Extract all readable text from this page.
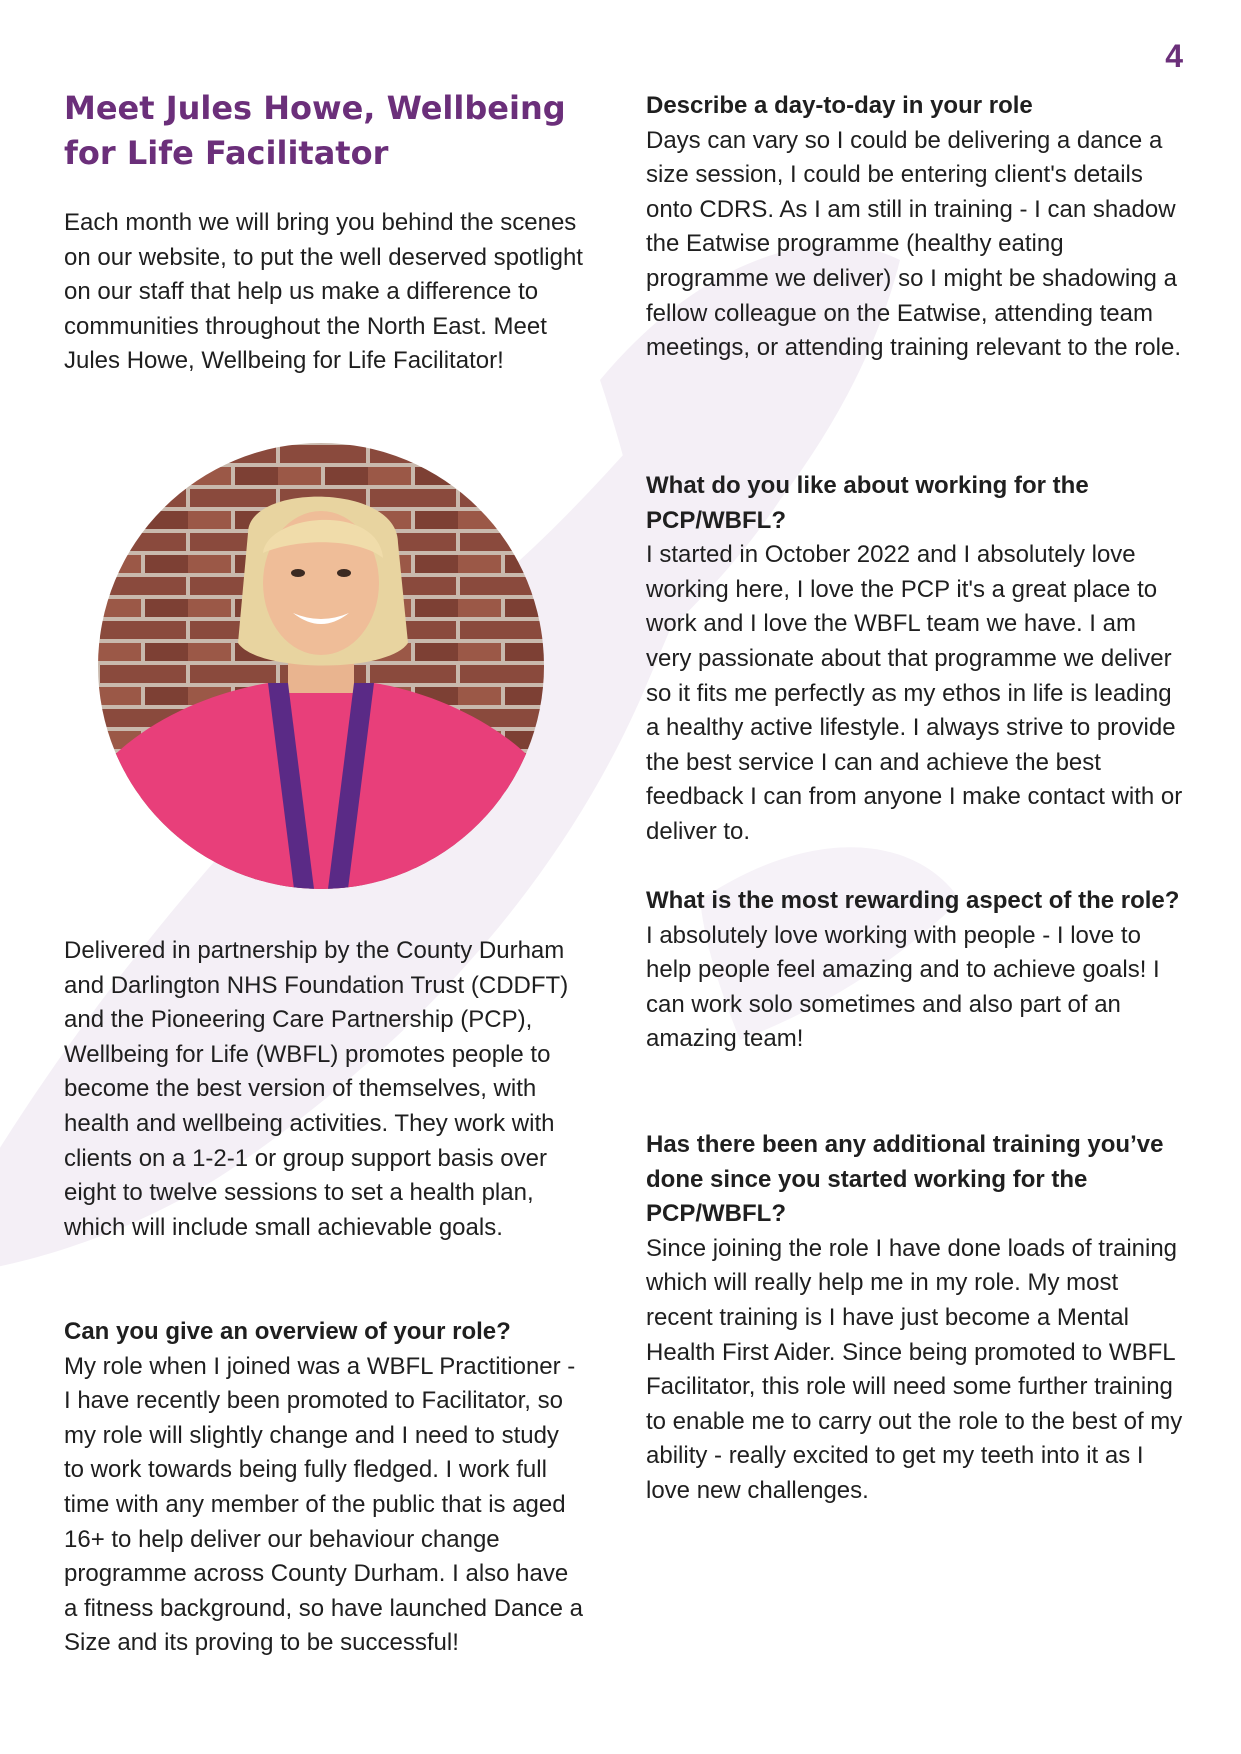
4
Meet Jules Howe, Wellbeing for Life Facilitator

Each month we will bring you behind the scenes on our website, to put the well deserved spotlight on our staff that help us make a difference to communities throughout the North East. Meet Jules Howe, Wellbeing for Life Facilitator!

Delivered in partnership by the County Durham and Darlington NHS Foundation Trust (CDDFT) and the Pioneering Care Partnership (PCP), Wellbeing for Life (WBFL) promotes people to become the best version of themselves, with health and wellbeing activities. They work with clients on a 1-2-1 or group support basis over eight to twelve sessions to set a health plan, which will include small achievable goals.

Can you give an overview of your role?

My role when I joined was a WBFL Practitioner - I have recently been promoted to Facilitator, so my role will slightly change and I need to study to work towards being fully fledged. I work full time with any member of the public that is aged 16+ to help deliver our behaviour change programme across County Durham. I also have a fitness background, so have launched Dance a Size and its proving to be successful!

Describe a day-to-day in your role

Days can vary so I could be delivering a dance a size session, I could be entering client's details onto CDRS. As I am still in training - I can shadow the Eatwise programme (healthy eating programme we deliver) so I might be shadowing a fellow colleague on the Eatwise, attending team meetings, or attending training relevant to the role.

What do you like about working for the PCP/WBFL?

I started in October 2022 and I absolutely love working here, I love the PCP it's a great place to work and I love the WBFL team we have. I am very passionate about that programme we deliver so it fits me perfectly as my ethos in life is leading a healthy active lifestyle. I always strive to provide the best service I can and achieve the best feedback I can from anyone I make contact with or deliver to.

What is the most rewarding aspect of the role?

I absolutely love working with people - I love to help people feel amazing and to achieve goals! I can work solo sometimes and also part of an amazing team!

Has there been any additional training you’ve done since you started working for the PCP/WBFL?

Since joining the role I have done loads of training which will really help me in my role. My most recent training is I have just become a Mental Health First Aider. Since being promoted to WBFL Facilitator, this role will need some further training to enable me to carry out the role to the best of my ability - really excited to get my teeth into it as I love new challenges.
